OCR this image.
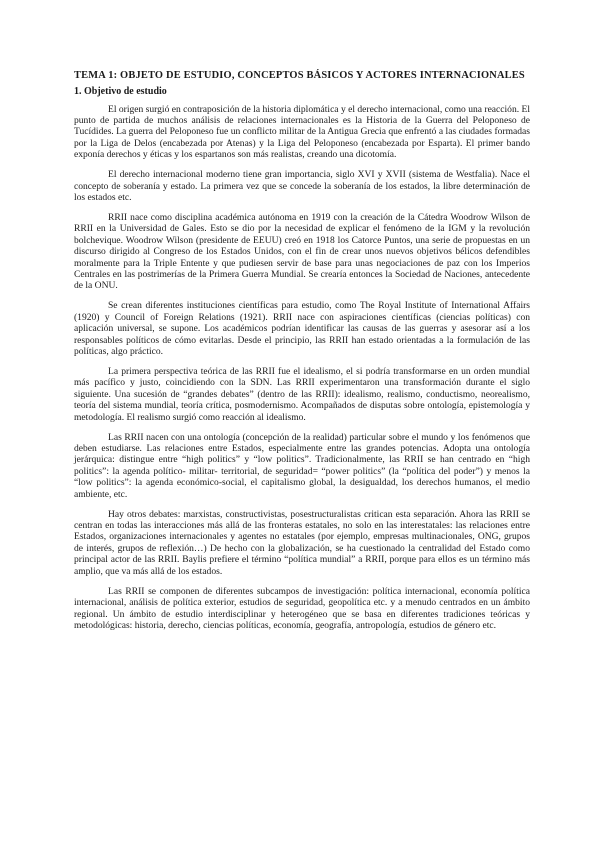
TEMA 1: OBJETO DE ESTUDIO, CONCEPTOS BÁSICOS Y ACTORES INTERNACIONALES
1. Objetivo de estudio

El origen surgió en contraposición de la historia diplomática y el derecho internacional, como una reacción. El punto de partida de muchos análisis de relaciones internacionales es la Historia de la Guerra del Peloponeso de Tucídides. La guerra del Peloponeso fue un conflicto militar de la Antigua Grecia que enfrentó a las ciudades formadas por la Liga de Delos (encabezada por Atenas) y la Liga del Peloponeso (encabezada por Esparta). El primer bando exponía derechos y éticas y los espartanos son más realistas, creando una dicotomía.

El derecho internacional moderno tiene gran importancia, siglo XVI y XVII (sistema de Westfalia). Nace el concepto de soberanía y estado. La primera vez que se concede la soberanía de los estados, la libre determinación de los estados etc.

RRII nace como disciplina académica autónoma en 1919 con la creación de la Cátedra Woodrow Wilson de RRII en la Universidad de Gales. Esto se dio por la necesidad de explicar el fenómeno de la IGM y la revolución bolchevique. Woodrow Wilson (presidente de EEUU) creó en 1918 los Catorce Puntos, una serie de propuestas en un discurso dirigido al Congreso de los Estados Unidos, con el fin de crear unos nuevos objetivos bélicos defendibles moralmente para la Triple Entente y que pudiesen servir de base para unas negociaciones de paz con los Imperios Centrales en las postrimerías de la Primera Guerra Mundial. Se crearía entonces la Sociedad de Naciones, antecedente de la ONU.

Se crean diferentes instituciones científicas para estudio, como The Royal Institute of International Affairs (1920) y Council of Foreign Relations (1921). RRII nace con aspiraciones científicas (ciencias políticas) con aplicación universal, se supone. Los académicos podrían identificar las causas de las guerras y asesorar así a los responsables políticos de cómo evitarlas. Desde el principio, las RRII han estado orientadas a la formulación de las políticas, algo práctico.

La primera perspectiva teórica de las RRII fue el idealismo, el si podría transformarse en un orden mundial más pacífico y justo, coincidiendo con la SDN. Las RRII experimentaron una transformación durante el siglo siguiente. Una sucesión de “grandes debates” (dentro de las RRII): idealismo, realismo, conductismo, neorealismo, teoría del sistema mundial, teoría crítica, posmodernismo. Acompañados de disputas sobre ontología, epistemología y metodología. El realismo surgió como reacción al idealismo.

Las RRII nacen con una ontología (concepción de la realidad) particular sobre el mundo y los fenómenos que deben estudiarse. Las relaciones entre Estados, especialmente entre las grandes potencias. Adopta una ontología jerárquica: distingue entre “high politics” y “low politics”. Tradicionalmente, las RRII se han centrado en “high politics”: la agenda político- militar- territorial, de seguridad= “power politics” (la “política del poder”) y menos la “low politics”: la agenda económico-social, el capitalismo global, la desigualdad, los derechos humanos, el medio ambiente, etc.

Hay otros debates: marxistas, constructivistas, posestructuralistas critican esta separación. Ahora las RRII se centran en todas las interacciones más allá de las fronteras estatales, no solo en las interestatales: las relaciones entre Estados, organizaciones internacionales y agentes no estatales (por ejemplo, empresas multinacionales, ONG, grupos de interés, grupos de reflexión…) De hecho con la globalización, se ha cuestionado la centralidad del Estado como principal actor de las RRII. Baylis prefiere el término “política mundial” a RRII, porque para ellos es un término más amplio, que va más allá de los estados.

Las RRII se componen de diferentes subcampos de investigación: política internacional, economía política internacional, análisis de política exterior, estudios de seguridad, geopolítica etc. y a menudo centrados en un ámbito regional. Un ámbito de estudio interdisciplinar y heterogéneo que se basa en diferentes tradiciones teóricas y metodológicas: historia, derecho, ciencias políticas, economía, geografía, antropología, estudios de género etc.
